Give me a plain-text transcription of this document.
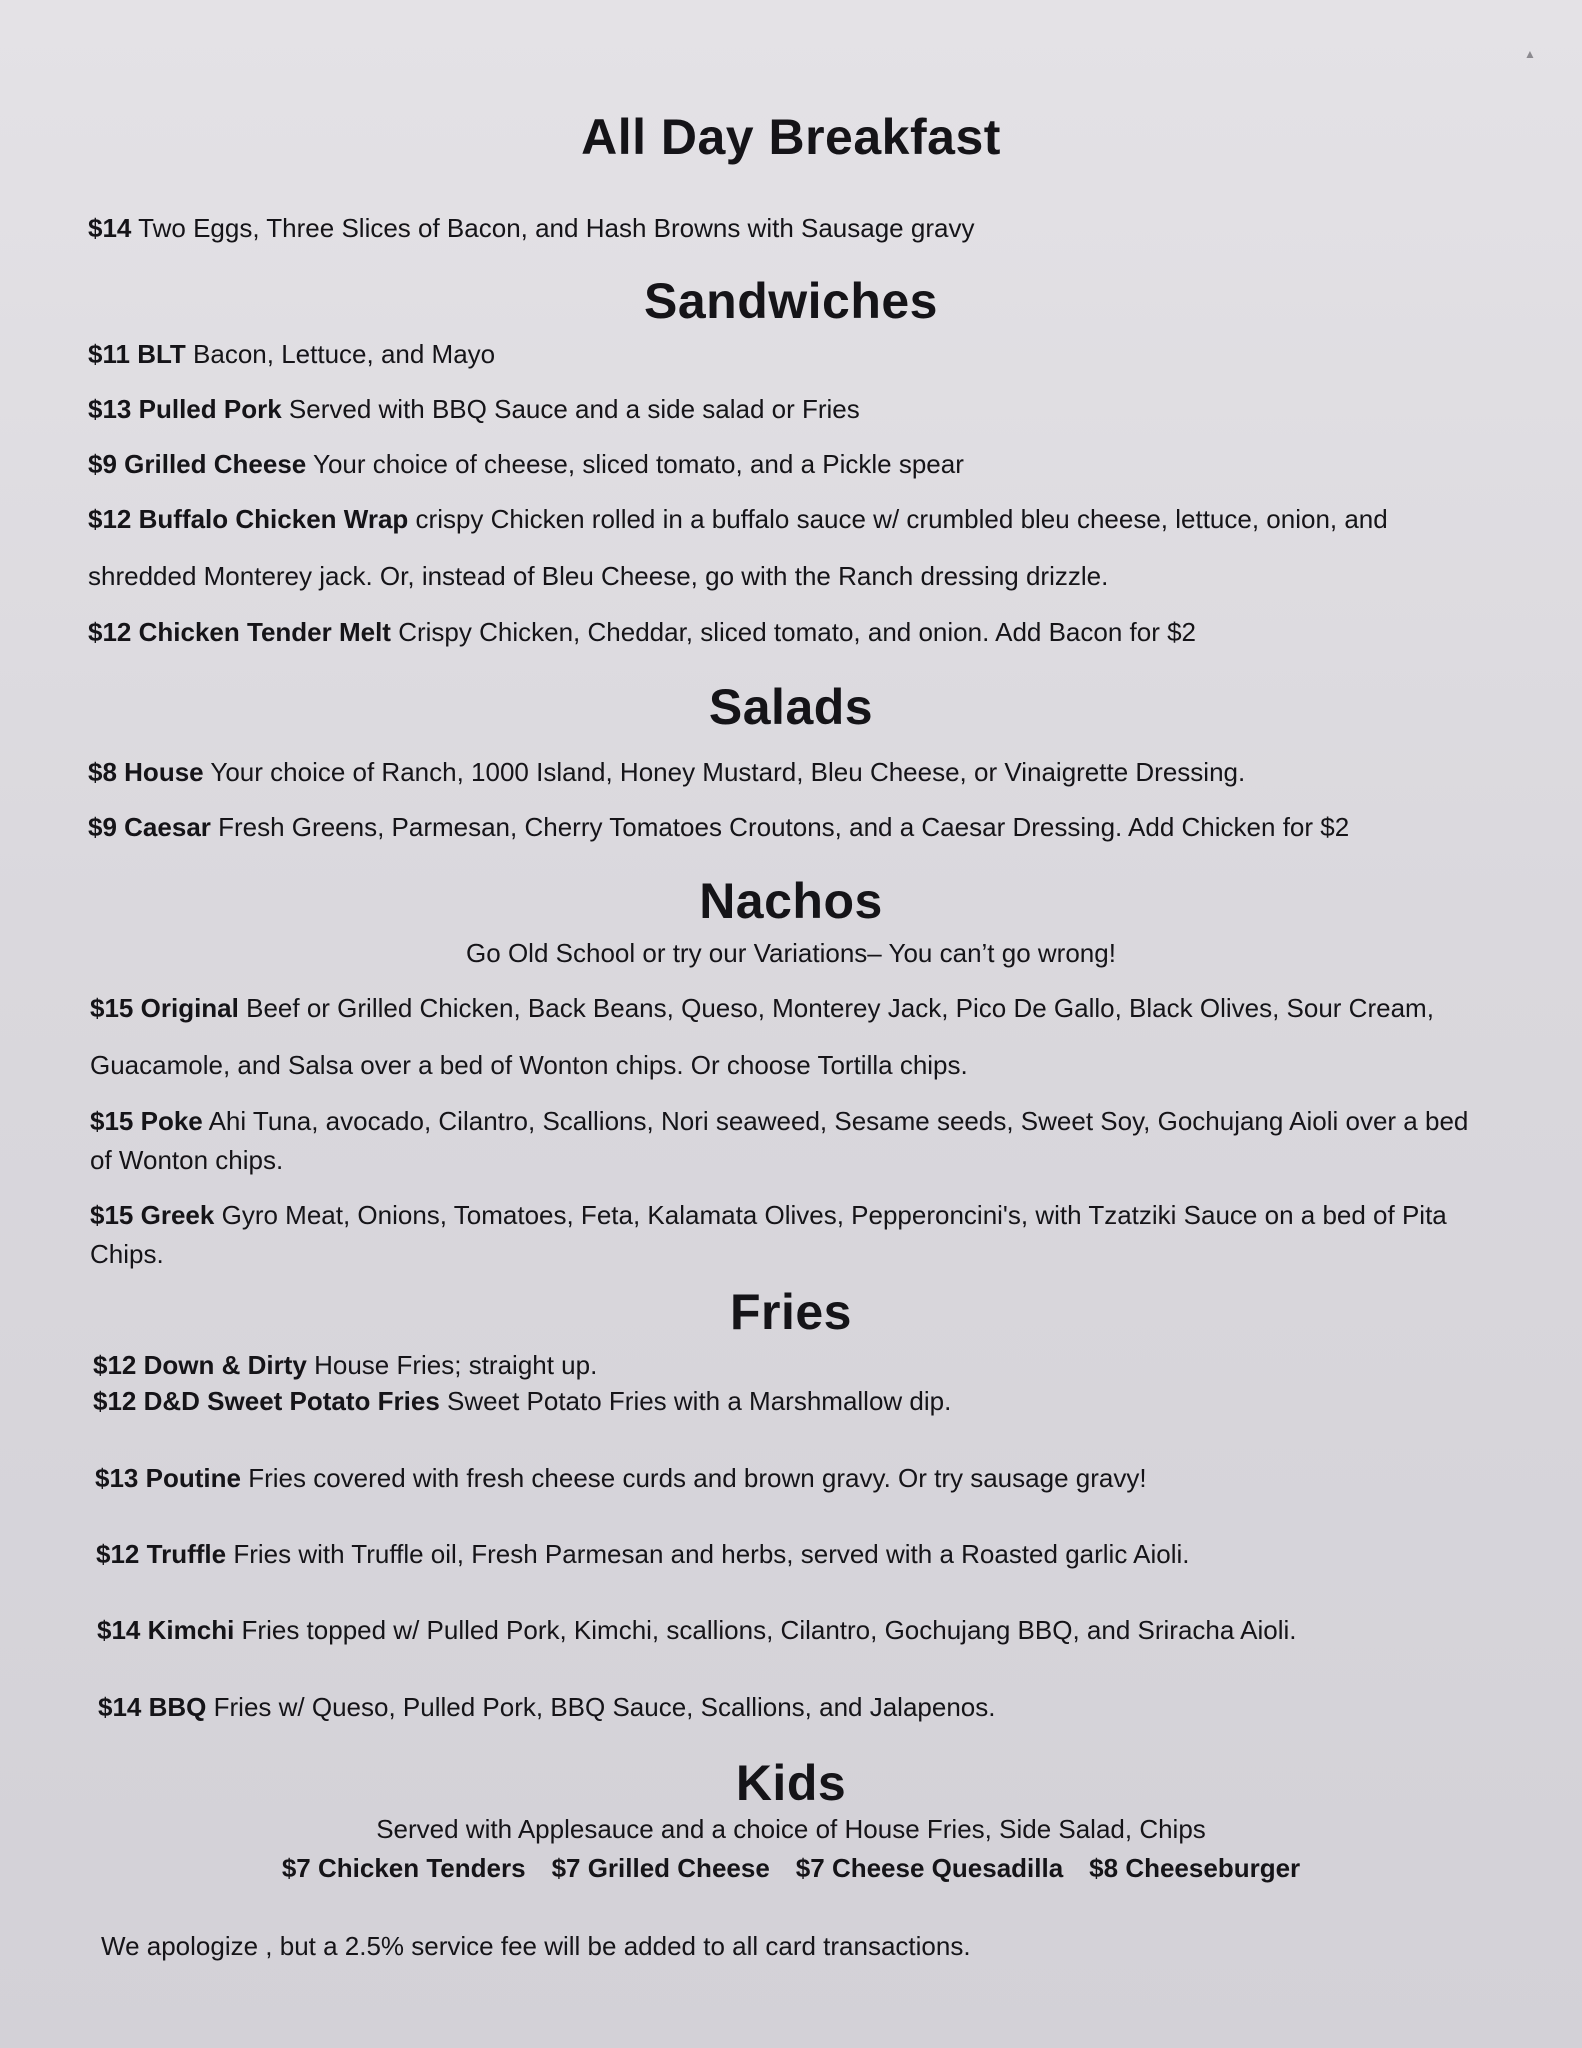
▲
All Day Breakfast

$14 Two Eggs, Three Slices of Bacon, and Hash Browns with Sausage gravy

Sandwiches

$11 BLT Bacon, Lettuce, and Mayo

$13 Pulled Pork Served with BBQ Sauce and a side salad or Fries

$9 Grilled Cheese Your choice of cheese, sliced tomato, and a Pickle spear

$12 Buffalo Chicken Wrap crispy Chicken rolled in a buffalo sauce w/ crumbled bleu cheese, lettuce, onion, and shredded Monterey jack. Or, instead of Bleu Cheese, go with the Ranch dressing drizzle.

$12 Chicken Tender Melt Crispy Chicken, Cheddar, sliced tomato, and onion. Add Bacon for $2

Salads

$8 House Your choice of Ranch, 1000 Island, Honey Mustard, Bleu Cheese, or Vinaigrette Dressing.

$9 Caesar Fresh Greens, Parmesan, Cherry Tomatoes Croutons, and a Caesar Dressing. Add Chicken for $2

Nachos

Go Old School or try our Variations– You can’t go wrong!

$15 Original Beef or Grilled Chicken, Back Beans, Queso, Monterey Jack, Pico De Gallo, Black Olives, Sour Cream, Guacamole, and Salsa over a bed of Wonton chips. Or choose Tortilla chips.

$15 Poke Ahi Tuna, avocado, Cilantro, Scallions, Nori seaweed, Sesame seeds, Sweet Soy, Gochujang Aioli over a bed of Wonton chips.

$15 Greek Gyro Meat, Onions, Tomatoes, Feta, Kalamata Olives, Pepperoncini's, with Tzatziki Sauce on a bed of Pita Chips.

Fries

$12 Down & Dirty House Fries; straight up.

$12 D&D Sweet Potato Fries Sweet Potato Fries with a Marshmallow dip.

$13 Poutine Fries covered with fresh cheese curds and brown gravy. Or try sausage gravy!

$12 Truffle Fries with Truffle oil, Fresh Parmesan and herbs, served with a Roasted garlic Aioli.

$14 Kimchi Fries topped w/ Pulled Pork, Kimchi, scallions, Cilantro, Gochujang BBQ, and Sriracha Aioli.

$14 BBQ Fries w/ Queso, Pulled Pork, BBQ Sauce, Scallions, and Jalapenos.

Kids

Served with Applesauce and a choice of House Fries, Side Salad, Chips

$7 Chicken Tenders $7 Grilled Cheese $7 Cheese Quesadilla $8 Cheeseburger

We apologize , but a 2.5% service fee will be added to all card transactions.
